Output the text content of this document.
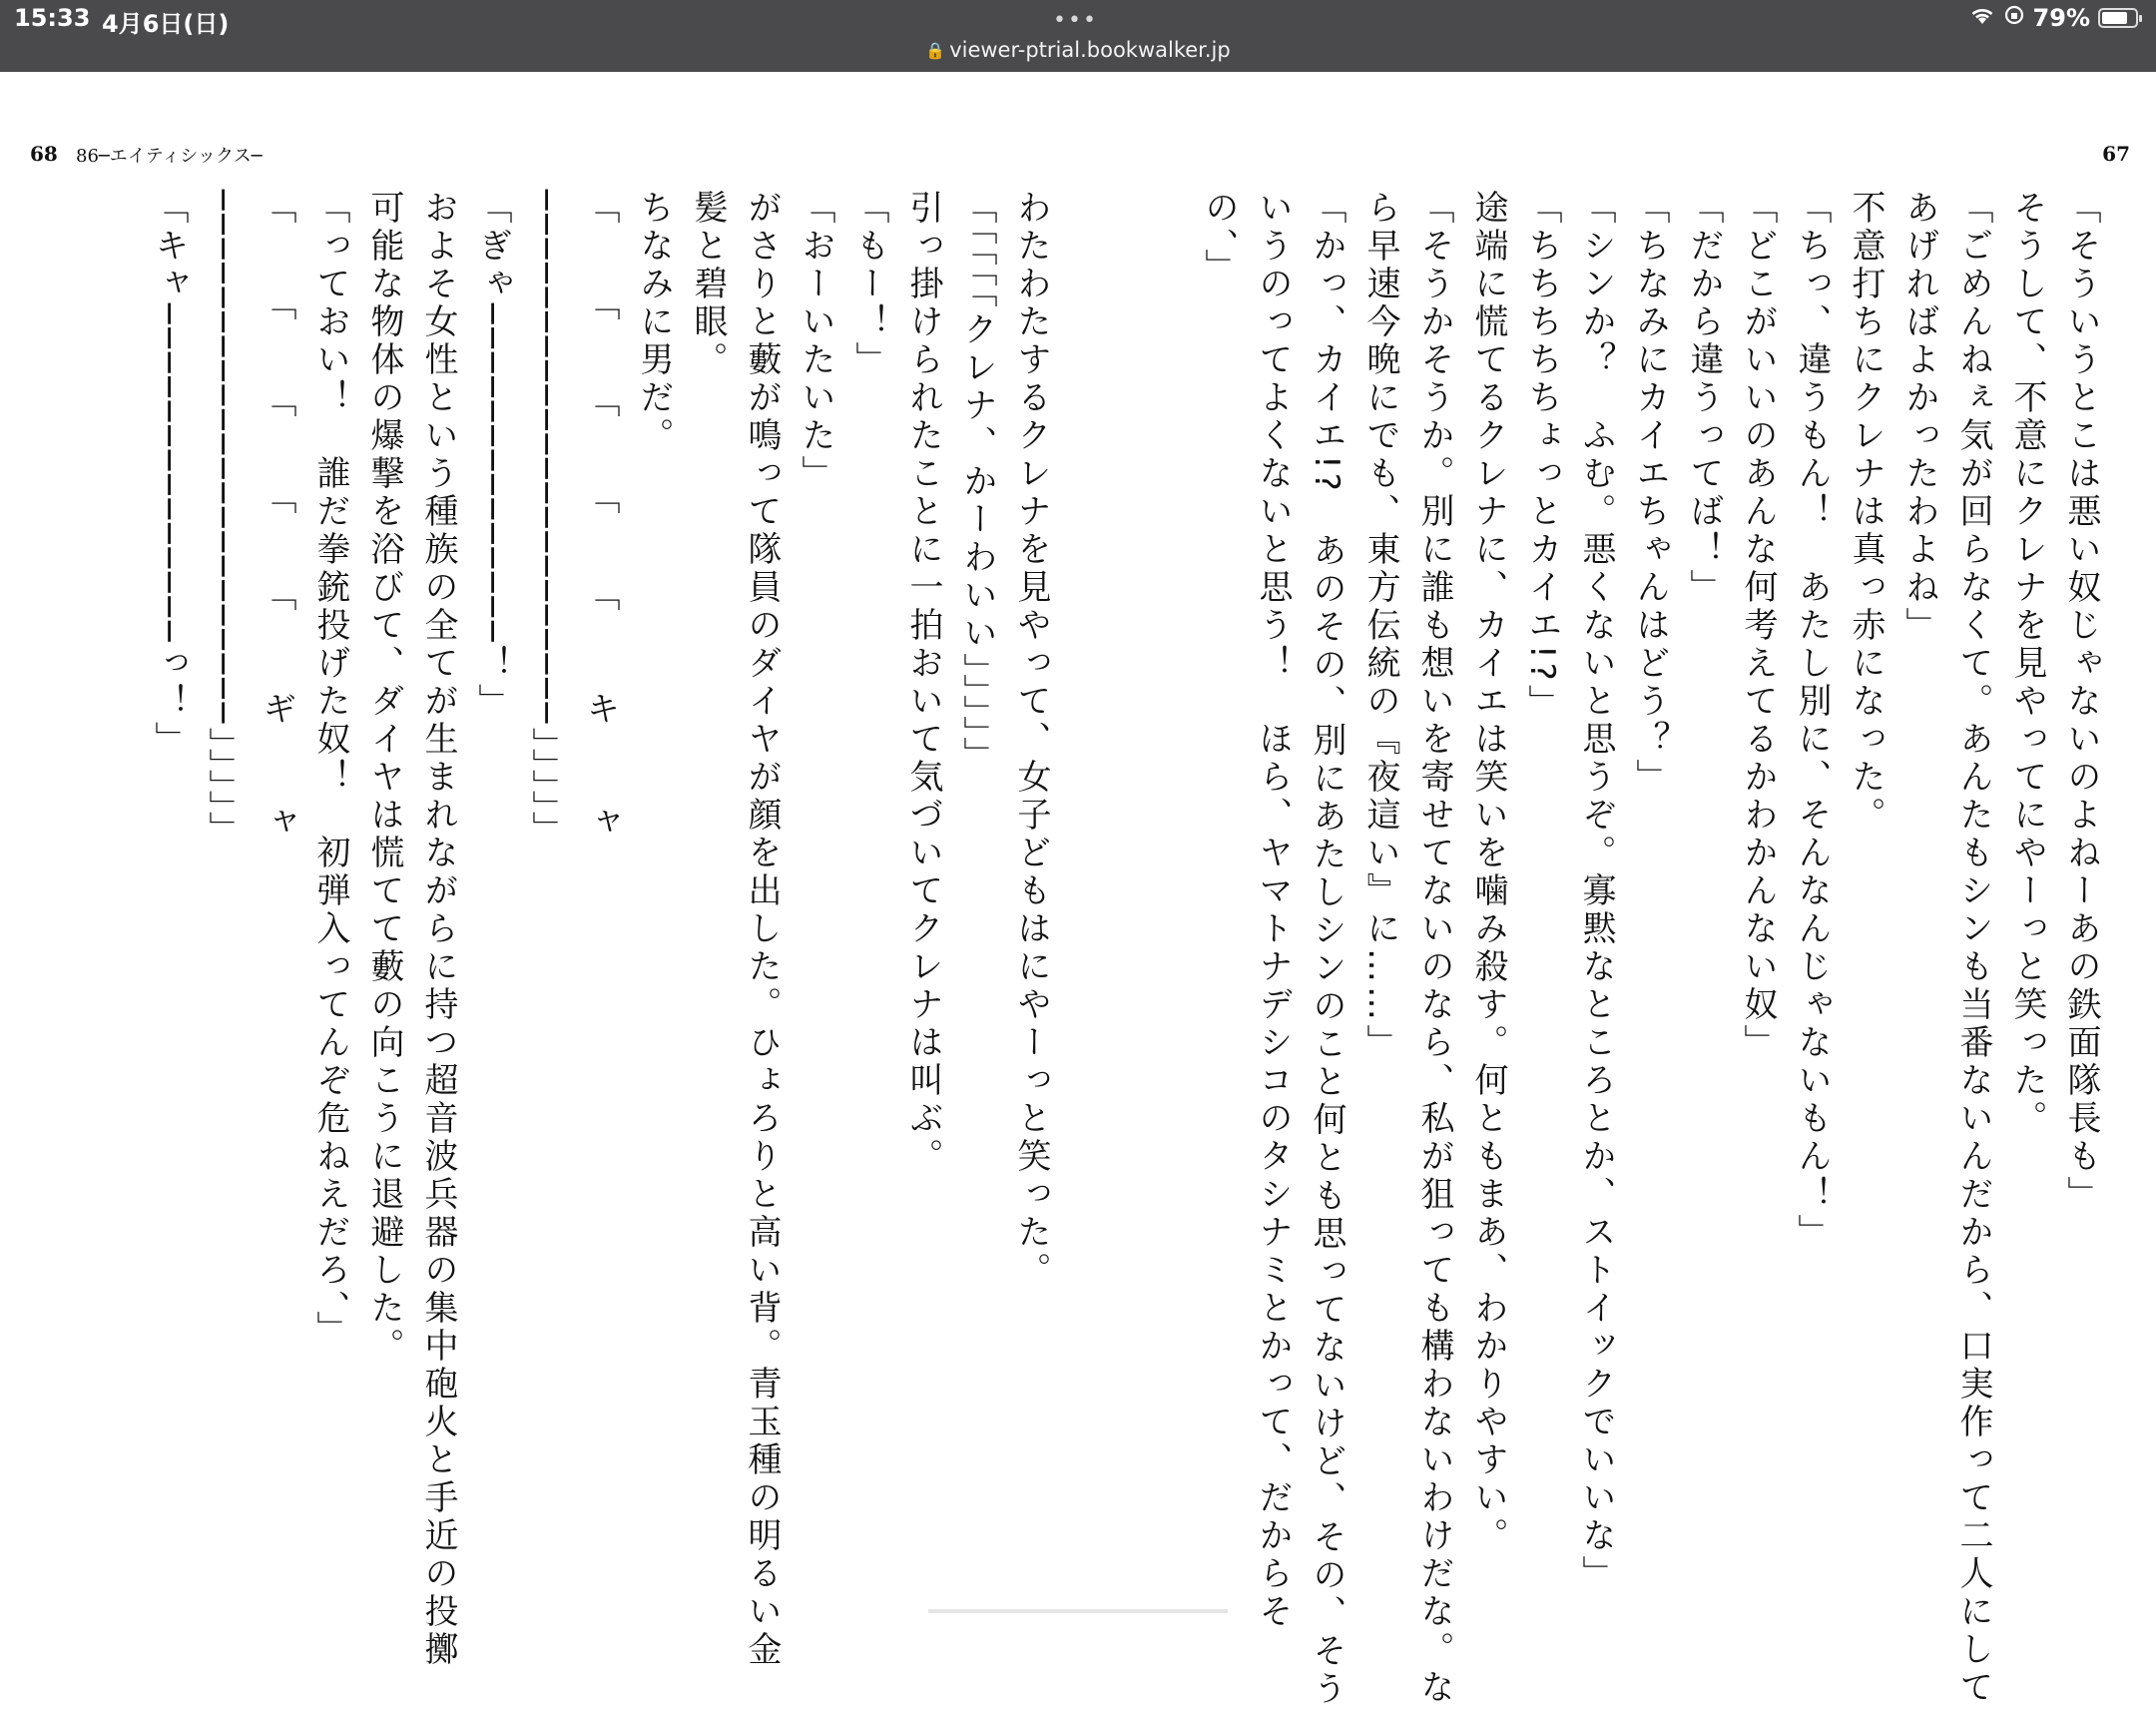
15:33 4月6日(日)	•••
🔒 viewer-ptrial.bookwalker.jp
79%
68 86─エイティシックス─	67

「そういうとこは悪い奴じゃないのよねーあの鉄面隊長も」

そうして、不意にクレナを見やってにやーっと笑った。

「ごめんねぇ気が回らなくて。あんたもシンも当番ないんだから、口実作って二人にして

あげればよかったわよね」

不意打ちにクレナは真っ赤になった。

「ちっ、違うもん！　あたし別に、そんなんじゃないもん！」

「どこがいいのあんな何考えてるかわかんない奴」

「だから違うってば！」

「ちなみにカイエちゃんはどう？」

「シンか？　ふむ。悪くないと思うぞ。寡黙なところとか、ストイックでいいな」

「ちちちちちょっとカイエ!?」

途端に慌てるクレナに、カイエは笑いを噛み殺す。何ともまあ、わかりやすい。

「そうかそうか。別に誰も想いを寄せてないのなら、私が狙っても構わないわけだな。な

ら早速今晩にでも、東方伝統の『夜這い』に……」

「かっ、カイエ!?　あのその、別にあたしシンのこと何とも思ってないけど、その、そう

いうのってよくないと思う！　ほら、ヤマトナデシコのタシナミとかって、だからそ

の、」

わたわたするクレナを見やって、女子どもはにやーっと笑った。

「「「「「クレナ、かーわいい」」」」」

引っ掛けられたことに一拍おいて気づいてクレナは叫ぶ。

「もー！」

「おーいたいた」

がさりと藪が鳴って隊員のダイヤが顔を出した。ひょろりと高い背。青玉種の明るい金

髪と碧眼。

ちなみに男だ。

「　　「　　「　　「　　「　　キ　　ャ

──────────────────────」」」」」

「ぎゃ──────────────！」

およそ女性という種族の全てが生まれながらに持つ超音波兵器の集中砲火と手近の投擲

可能な物体の爆撃を浴びて、ダイヤは慌てて藪の向こうに退避した。

「っておい！　誰だ拳銃投げた奴！　初弾入ってんぞ危ねえだろ、」

「　　「　　「　　「　　「　　ギ　　ャ

──────────────────────」」」」」

「キャ──────────────っ！」
